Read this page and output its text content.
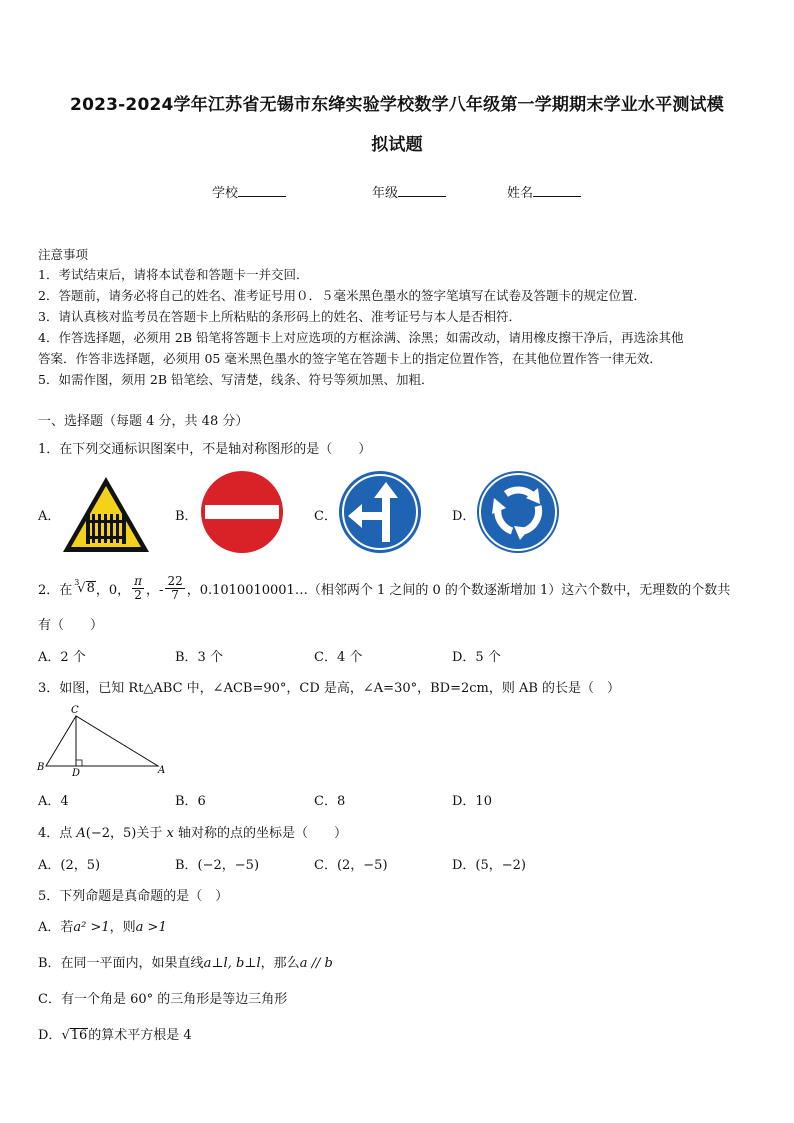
2023-2024学年江苏省无锡市东绛实验学校数学八年级第一学期期末学业水平测试模
拟试题
学校	年级	姓名
注意事项
1．考试结束后，请将本试卷和答题卡一并交回．
2．答题前，请务必将自己的姓名、准考证号用０．５毫米黑色墨水的签字笔填写在试卷及答题卡的规定位置．
3．请认真核对监考员在答题卡上所粘贴的条形码上的姓名、准考证号与本人是否相符．
4．作答选择题，必须用 2B 铅笔将答题卡上对应选项的方框涂满、涂黑；如需改动，请用橡皮擦干净后，再选涂其他
答案．作答非选择题，必须用 05 毫米黑色墨水的签字笔在答题卡上的指定位置作答，在其他位置作答一律无效．
5．如需作图，须用 2B 铅笔绘、写清楚，线条、符号等须加黑、加粗．
一、选择题（每题 4 分，共 48 分）
1．在下列交通标识图案中，不是轴对称图形的是（　　）
A．	B．	C．	D．
2．在
3
√8 ，0， $\frac{\pi}{2}$ ，- $\frac{22}{7}$ ，0.1010010001…（相邻两个 1 之间的 0 的个数逐渐增加 1）这六个数中，无理数的个数共
有（　　）
A．2 个	B．3 个	C．4 个	D．5 个
3．如图，已知 Rt△ABC 中，∠ACB=90°，CD 是高，∠A=30°，BD=2cm，则 AB 的长是（　）
C
B
D	A
A．4	B．6	C．8	D．10
4．点 A(−2，5)关于 x 轴对称的点的坐标是（　　）
A．(2，5)	B．(−2，−5)	C．(2，−5)	D．(5，−2)
5．下列命题是真命题的是（　）
A．若a² >1，则a >1
B．在同一平面内，如果直线a⊥l, b⊥l，那么a // b
C．有一个角是 60° 的三角形是等边三角形
D．√16的算术平方根是 4
